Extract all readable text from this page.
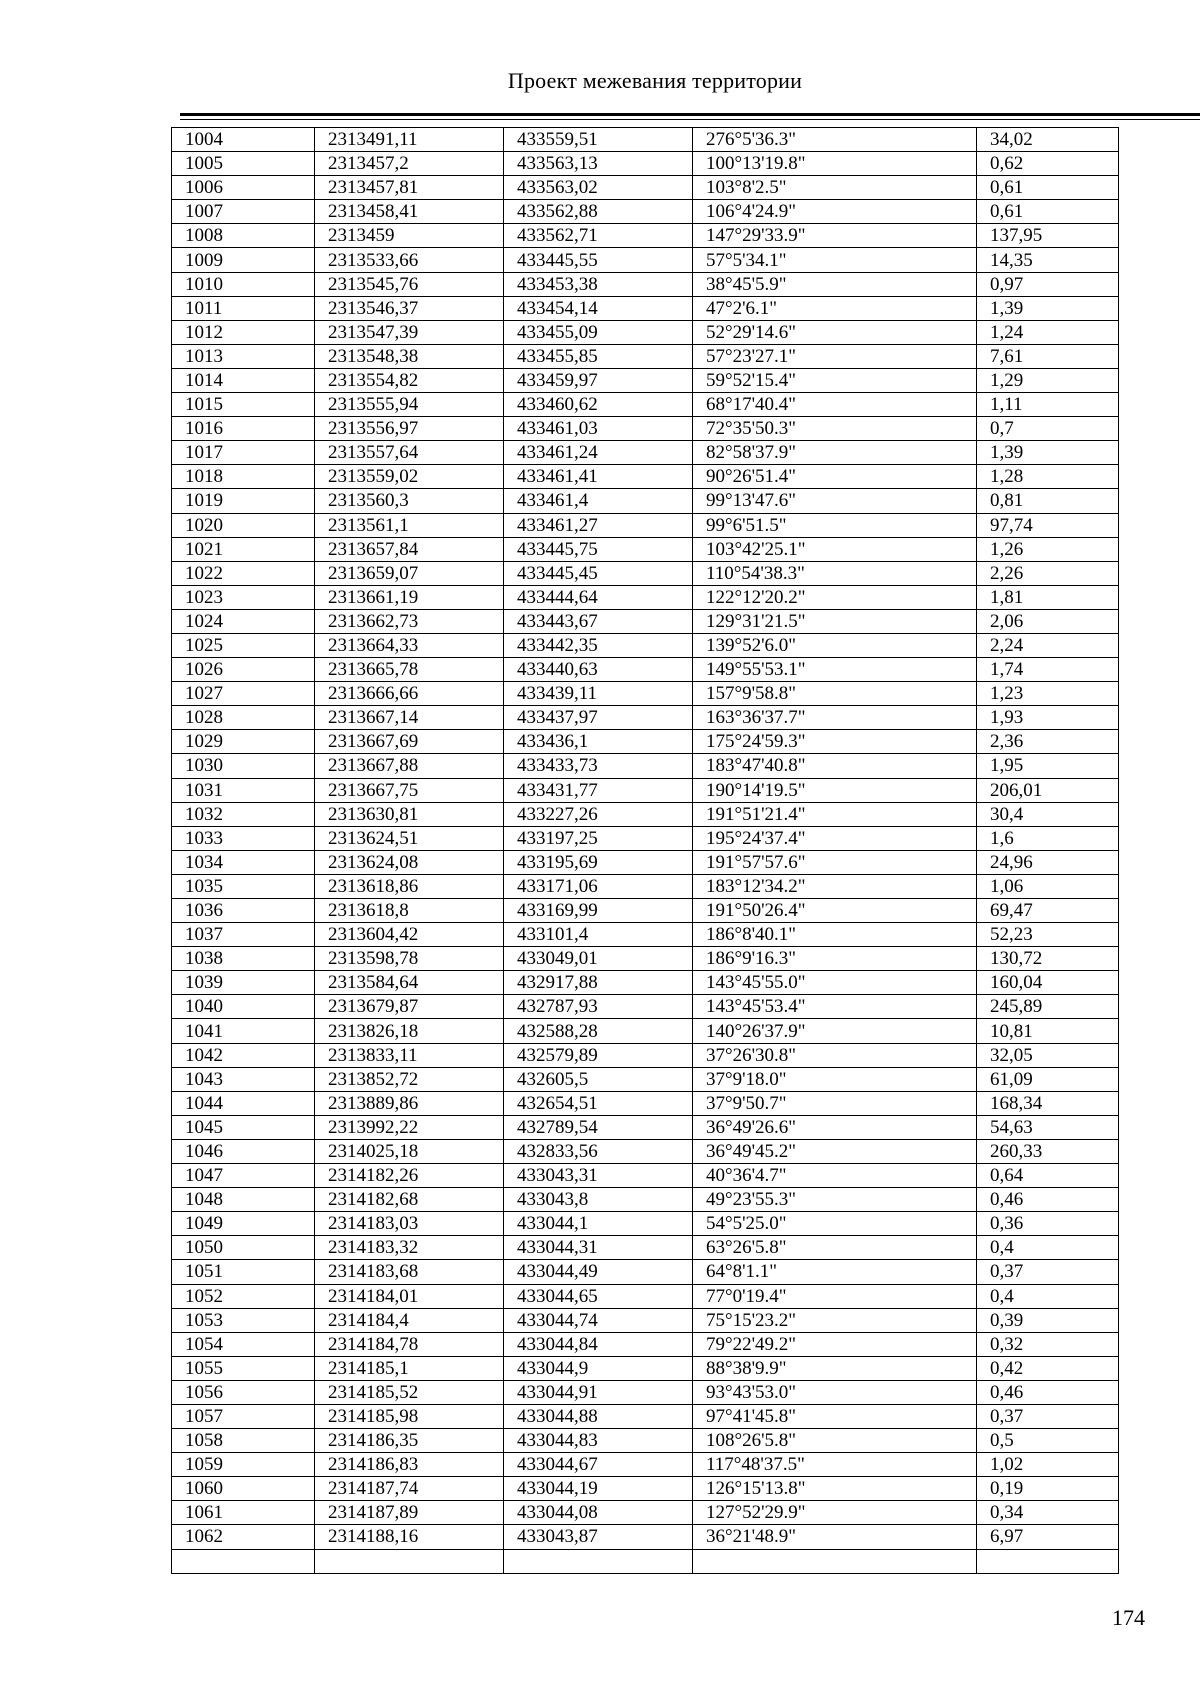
Проект межевания территории
1004	2313491,11	433559,51	276°5'36.3"	34,02
1005	2313457,2	433563,13	100°13'19.8"	0,62
1006	2313457,81	433563,02	103°8'2.5"	0,61
1007	2313458,41	433562,88	106°4'24.9"	0,61
1008	2313459	433562,71	147°29'33.9"	137,95
1009	2313533,66	433445,55	57°5'34.1"	14,35
1010	2313545,76	433453,38	38°45'5.9"	0,97
1011	2313546,37	433454,14	47°2'6.1"	1,39
1012	2313547,39	433455,09	52°29'14.6"	1,24
1013	2313548,38	433455,85	57°23'27.1"	7,61
1014	2313554,82	433459,97	59°52'15.4"	1,29
1015	2313555,94	433460,62	68°17'40.4"	1,11
1016	2313556,97	433461,03	72°35'50.3"	0,7
1017	2313557,64	433461,24	82°58'37.9"	1,39
1018	2313559,02	433461,41	90°26'51.4"	1,28
1019	2313560,3	433461,4	99°13'47.6"	0,81
1020	2313561,1	433461,27	99°6'51.5"	97,74
1021	2313657,84	433445,75	103°42'25.1"	1,26
1022	2313659,07	433445,45	110°54'38.3"	2,26
1023	2313661,19	433444,64	122°12'20.2"	1,81
1024	2313662,73	433443,67	129°31'21.5"	2,06
1025	2313664,33	433442,35	139°52'6.0"	2,24
1026	2313665,78	433440,63	149°55'53.1"	1,74
1027	2313666,66	433439,11	157°9'58.8"	1,23
1028	2313667,14	433437,97	163°36'37.7"	1,93
1029	2313667,69	433436,1	175°24'59.3"	2,36
1030	2313667,88	433433,73	183°47'40.8"	1,95
1031	2313667,75	433431,77	190°14'19.5"	206,01
1032	2313630,81	433227,26	191°51'21.4"	30,4
1033	2313624,51	433197,25	195°24'37.4"	1,6
1034	2313624,08	433195,69	191°57'57.6"	24,96
1035	2313618,86	433171,06	183°12'34.2"	1,06
1036	2313618,8	433169,99	191°50'26.4"	69,47
1037	2313604,42	433101,4	186°8'40.1"	52,23
1038	2313598,78	433049,01	186°9'16.3"	130,72
1039	2313584,64	432917,88	143°45'55.0"	160,04
1040	2313679,87	432787,93	143°45'53.4"	245,89
1041	2313826,18	432588,28	140°26'37.9"	10,81
1042	2313833,11	432579,89	37°26'30.8"	32,05
1043	2313852,72	432605,5	37°9'18.0"	61,09
1044	2313889,86	432654,51	37°9'50.7"	168,34
1045	2313992,22	432789,54	36°49'26.6"	54,63
1046	2314025,18	432833,56	36°49'45.2"	260,33
1047	2314182,26	433043,31	40°36'4.7"	0,64
1048	2314182,68	433043,8	49°23'55.3"	0,46
1049	2314183,03	433044,1	54°5'25.0"	0,36
1050	2314183,32	433044,31	63°26'5.8"	0,4
1051	2314183,68	433044,49	64°8'1.1"	0,37
1052	2314184,01	433044,65	77°0'19.4"	0,4
1053	2314184,4	433044,74	75°15'23.2"	0,39
1054	2314184,78	433044,84	79°22'49.2"	0,32
1055	2314185,1	433044,9	88°38'9.9"	0,42
1056	2314185,52	433044,91	93°43'53.0"	0,46
1057	2314185,98	433044,88	97°41'45.8"	0,37
1058	2314186,35	433044,83	108°26'5.8"	0,5
1059	2314186,83	433044,67	117°48'37.5"	1,02
1060	2314187,74	433044,19	126°15'13.8"	0,19
1061	2314187,89	433044,08	127°52'29.9"	0,34
1062	2314188,16	433043,87	36°21'48.9"	6,97

174
